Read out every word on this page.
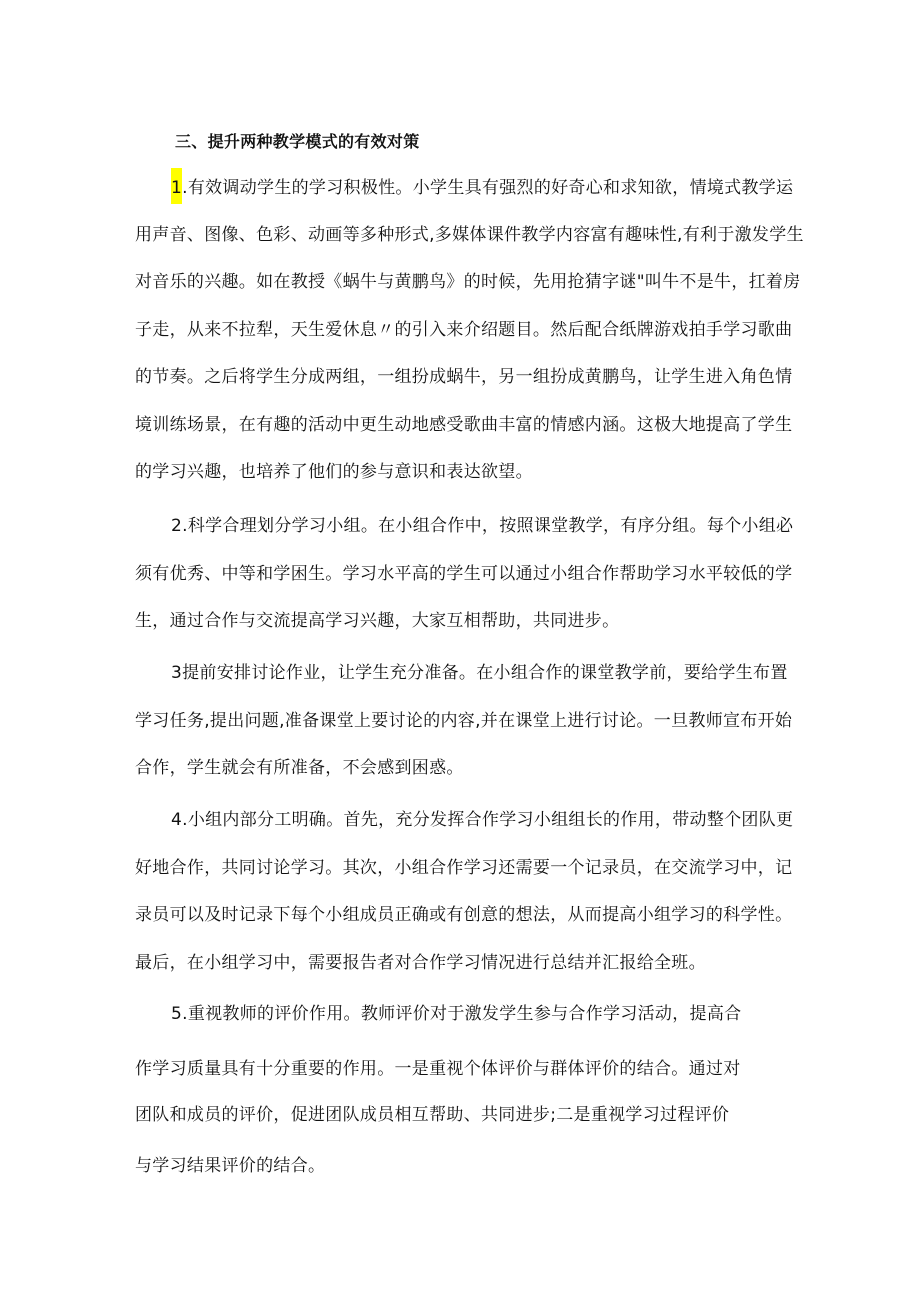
三、提升两种教学模式的有效对策
1.有效调动学生的学习积极性。小学生具有强烈的好奇心和求知欲，情境式教学运
用声音、图像、色彩、动画等多种形式,多媒体课件教学内容富有趣味性,有利于激发学生
对音乐的兴趣。如在教授《蜗牛与黄鹏鸟》的时候，先用抢猜字谜"叫牛不是牛，扛着房
子走，从来不拉犁，天生爱休息〃的引入来介绍题目。然后配合纸牌游戏拍手学习歌曲
的节奏。之后将学生分成两组，一组扮成蜗牛，另一组扮成黄鹏鸟，让学生进入角色情
境训练场景，在有趣的活动中更生动地感受歌曲丰富的情感内涵。这极大地提高了学生
的学习兴趣，也培养了他们的参与意识和表达欲望。
2.科学合理划分学习小组。在小组合作中，按照课堂教学，有序分组。每个小组必
须有优秀、中等和学困生。学习水平高的学生可以通过小组合作帮助学习水平较低的学
生，通过合作与交流提高学习兴趣，大家互相帮助，共同进步。
3提前安排讨论作业，让学生充分准备。在小组合作的课堂教学前，要给学生布置
学习任务,提出问题,准备课堂上要讨论的内容,并在课堂上进行讨论。一旦教师宣布开始
合作，学生就会有所准备，不会感到困惑。
4.小组内部分工明确。首先，充分发挥合作学习小组组长的作用，带动整个团队更
好地合作，共同讨论学习。其次，小组合作学习还需要一个记录员，在交流学习中，记
录员可以及时记录下每个小组成员正确或有创意的想法，从而提高小组学习的科学性。
最后，在小组学习中，需要报告者对合作学习情况进行总结并汇报给全班。
5.重视教师的评价作用。教师评价对于激发学生参与合作学习活动，提高合
作学习质量具有十分重要的作用。一是重视个体评价与群体评价的结合。通过对
团队和成员的评价，促进团队成员相互帮助、共同进步;二是重视学习过程评价
与学习结果评价的结合。
